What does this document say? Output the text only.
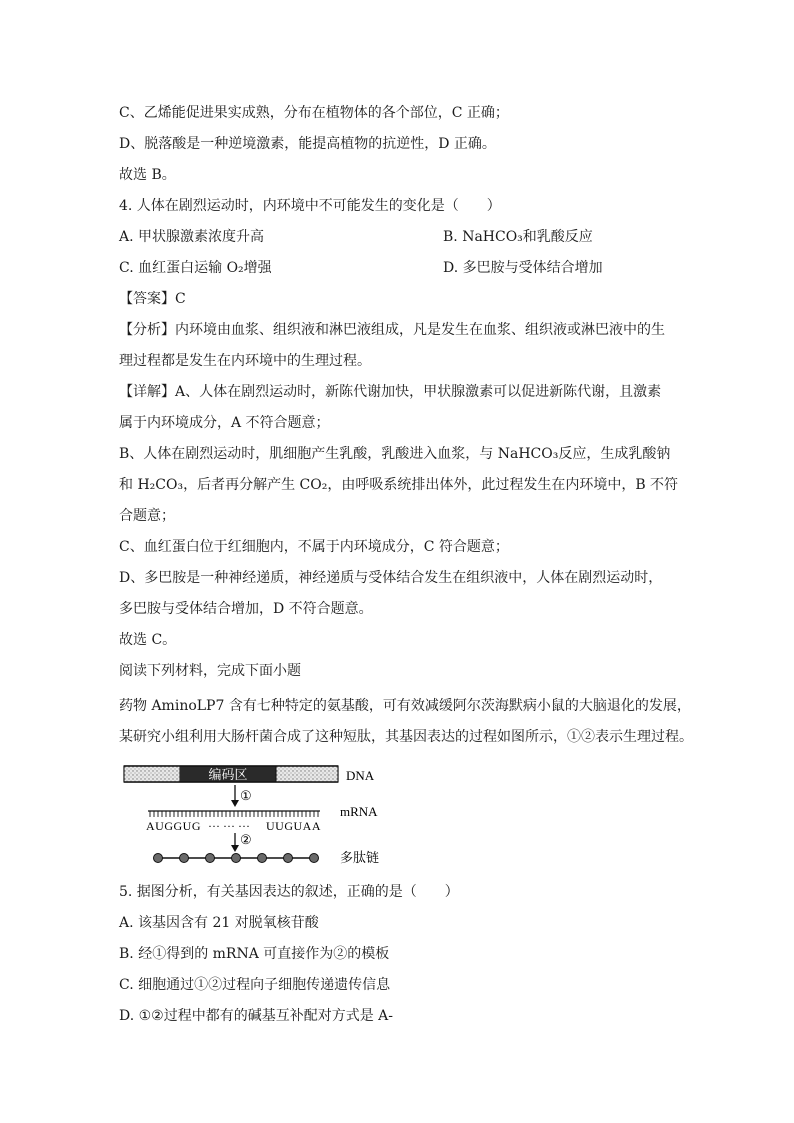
C、乙烯能促进果实成熟，分布在植物体的各个部位，C 正确；
D、脱落酸是一种逆境激素，能提高植物的抗逆性，D 正确。
故选 B。
4. 人体在剧烈运动时，内环境中不可能发生的变化是（　　）
A. 甲状腺激素浓度升高	B. NaHCO₃和乳酸反应
C. 血红蛋白运输 O₂增强	D. 多巴胺与受体结合增加
【答案】C
【分析】内环境由血浆、组织液和淋巴液组成，凡是发生在血浆、组织液或淋巴液中的生
理过程都是发生在内环境中的生理过程。
【详解】A、人体在剧烈运动时，新陈代谢加快，甲状腺激素可以促进新陈代谢，且激素
属于内环境成分，A 不符合题意；
B、人体在剧烈运动时，肌细胞产生乳酸，乳酸进入血浆，与 NaHCO₃反应，生成乳酸钠
和 H₂CO₃，后者再分解产生 CO₂，由呼吸系统排出体外，此过程发生在内环境中，B 不符
合题意；
C、血红蛋白位于红细胞内，不属于内环境成分，C 符合题意；
D、多巴胺是一种神经递质，神经递质与受体结合发生在组织液中，人体在剧烈运动时，
多巴胺与受体结合增加，D 不符合题意。
故选 C。
阅读下列材料，完成下面小题
药物 AminoLP7 含有七种特定的氨基酸，可有效减缓阿尔茨海默病小鼠的大脑退化的发展，
某研究小组利用大肠杆菌合成了这种短肽，其基因表达的过程如图所示，①②表示生理过程。
编码区	DNA
①
mRNA
AUGGUG ··· ··· ··· UUGUAA
②
多肽链
5. 据图分析，有关基因表达的叙述，正确的是（　　）
A. 该基因含有 21 对脱氧核苷酸
B. 经①得到的 mRNA 可直接作为②的模板
C. 细胞通过①②过程向子细胞传递遗传信息
D. ①②过程中都有的碱基互补配对方式是 A-
